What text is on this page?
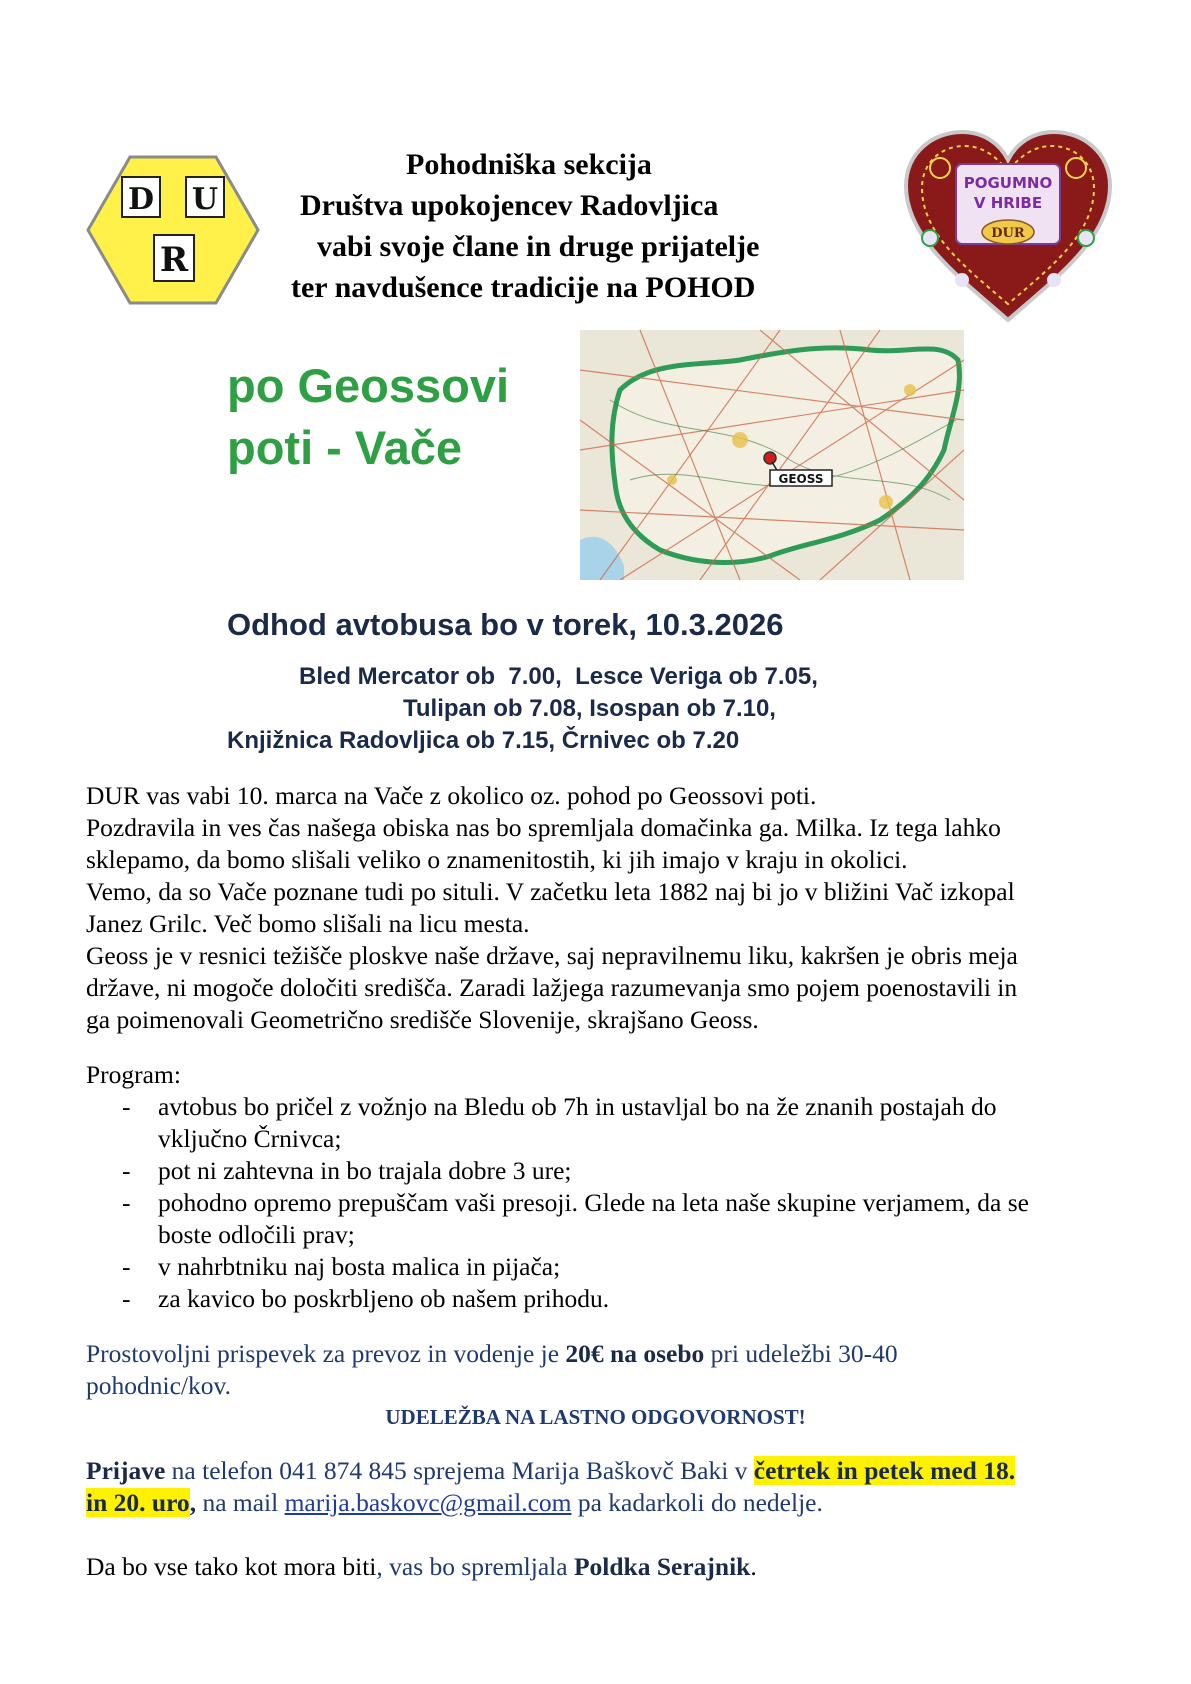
D U
R
Pohodniška sekcija
Društva upokojencev Radovljica
vabi svoje člane in druge prijatelje
ter navdušence tradicije na POHOD
POGUMNO
V HRIBE
DUR
po Geossovi
poti - Vače
GEOSS
Odhod avtobusa bo v torek, 10.3.2026
Bled Mercator ob  7.00,  Lesce Veriga ob 7.05,
Tulipan ob 7.08, Isospan ob 7.10,
Knjižnica Radovljica ob 7.15, Črnivec ob 7.20
DUR vas vabi 10. marca na Vače z okolico oz. pohod po Geossovi poti.
Pozdravila in ves čas našega obiska nas bo spremljala domačinka ga. Milka. Iz tega lahko
sklepamo, da bomo slišali veliko o znamenitostih, ki jih imajo v kraju in okolici.
Vemo, da so Vače poznane tudi po situli. V začetku leta 1882 naj bi jo v bližini Vač izkopal
Janez Grilc. Več bomo slišali na licu mesta.
Geoss je v resnici težišče ploskve naše države, saj nepravilnemu liku, kakršen je obris meja
države, ni mogoče določiti središča. Zaradi lažjega razumevanja smo pojem poenostavili in
ga poimenovali Geometrično središče Slovenije, skrajšano Geoss.
Program:
- avtobus bo pričel z vožnjo na Bledu ob 7h in ustavljal bo na že znanih postajah do
vključno Črnivca;
- pot ni zahtevna in bo trajala dobre 3 ure;
- pohodno opremo prepuščam vaši presoji. Glede na leta naše skupine verjamem, da se
boste odločili prav;
- v nahrbtniku naj bosta malica in pijača;
- za kavico bo poskrbljeno ob našem prihodu.
Prostovoljni prispevek za prevoz in vodenje je 20€ na osebo pri udeležbi 30-40
pohodnic/kov.
UDELEŽBA NA LASTNO ODGOVORNOST!
Prijave na telefon 041 874 845 sprejema Marija Baškovč Baki v četrtek in petek med 18.
in 20. uro, na mail marija.baskovc@gmail.com pa kadarkoli do nedelje.
Da bo vse tako kot mora biti, vas bo spremljala Poldka Serajnik.
